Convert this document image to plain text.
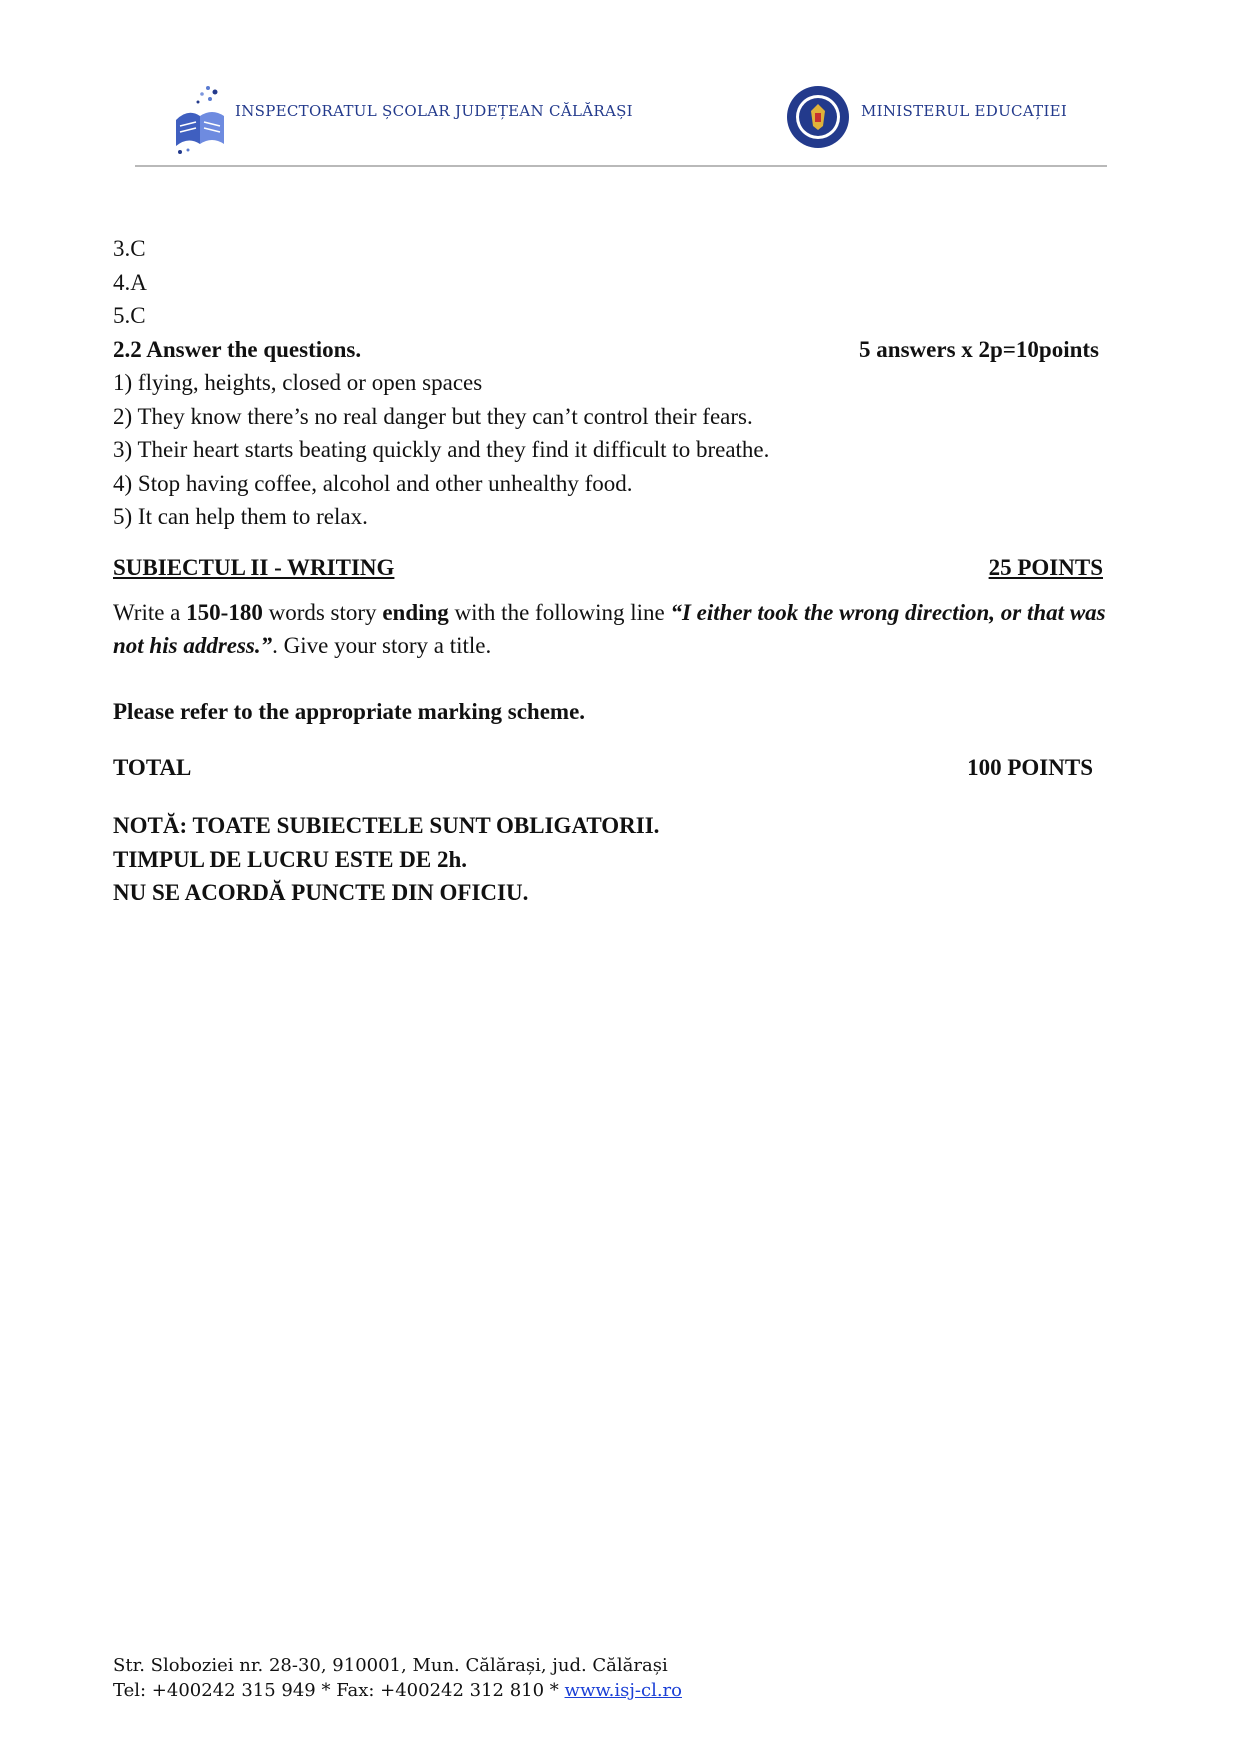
INSPECTORATUL ȘCOLAR JUDEȚEAN CĂLĂRAȘI	MINISTERUL EDUCAȚIEI
3.C
4.A
5.C
2.2 Answer the questions.	5 answers x 2p=10points
1) flying, heights, closed or open spaces
2) They know there’s no real danger but they can’t control their fears.
3) Their heart starts beating quickly and they find it difficult to breathe.
4) Stop having coffee, alcohol and other unhealthy food.
5) It can help them to relax.
SUBIECTUL II - WRITING	25 POINTS
Write a 150-180 words story ending with the following line “I either took the wrong direction, or that was not his address.”. Give your story a title.
Please refer to the appropriate marking scheme.
TOTAL	100 POINTS
NOTĂ: TOATE SUBIECTELE SUNT OBLIGATORII.
TIMPUL DE LUCRU ESTE DE 2h.
NU SE ACORDĂ PUNCTE DIN OFICIU.
Str. Sloboziei nr. 28-30, 910001, Mun. Călărași, jud. Călărași
Tel: +400242 315 949 * Fax: +400242 312 810 * www.isj-cl.ro
